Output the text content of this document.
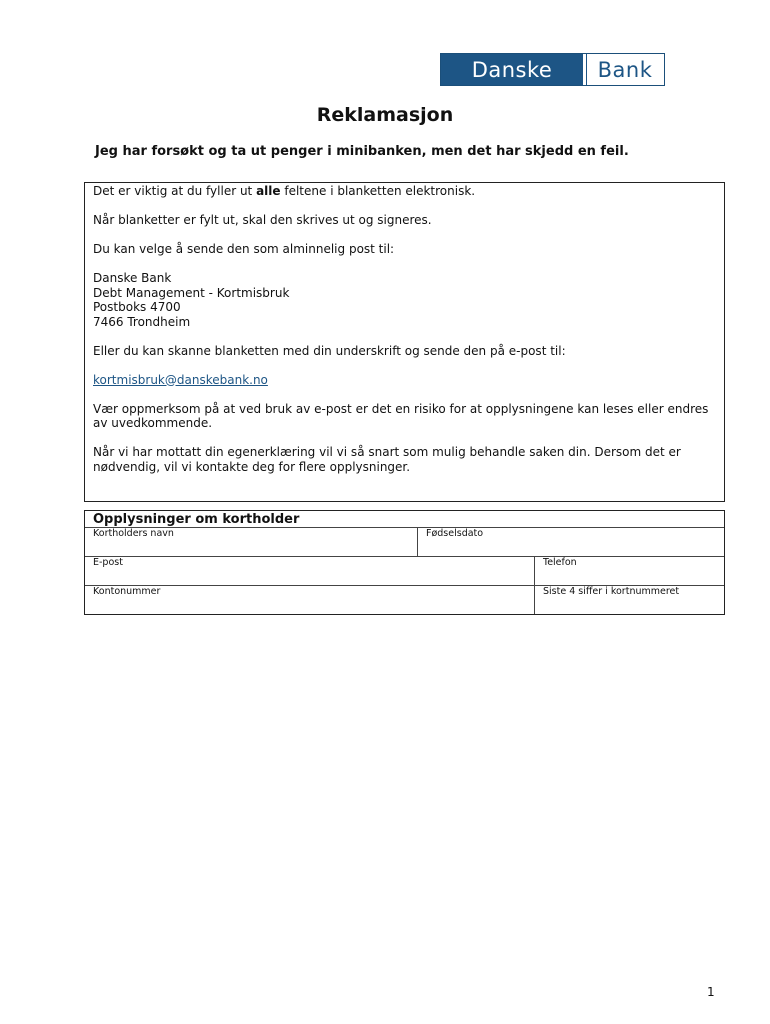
Danske	Bank
Reklamasjon

Jeg har forsøkt og ta ut penger i minibanken, men det har skjedd en feil.

Det er viktig at du fyller ut alle feltene i blanketten elektronisk.

Når blanketter er fylt ut, skal den skrives ut og signeres.

Du kan velge å sende den som alminnelig post til:

Danske Bank
Debt Management - Kortmisbruk
Postboks 4700
7466 Trondheim

Eller du kan skanne blanketten med din underskrift og sende den på e-post til:

kortmisbruk@danskebank.no

Vær oppmerksom på at ved bruk av e-post er det en risiko for at opplysningene kan leses eller endres av uvedkommende.

Når vi har mottatt din egenerklæring vil vi så snart som mulig behandle saken din. Dersom det er nødvendig, vil vi kontakte deg for flere opplysninger.

Opplysninger om kortholder
Kortholders navn	Fødselsdato
E-post	Telefon
Kontonummer	Siste 4 siffer i kortnummeret
1
